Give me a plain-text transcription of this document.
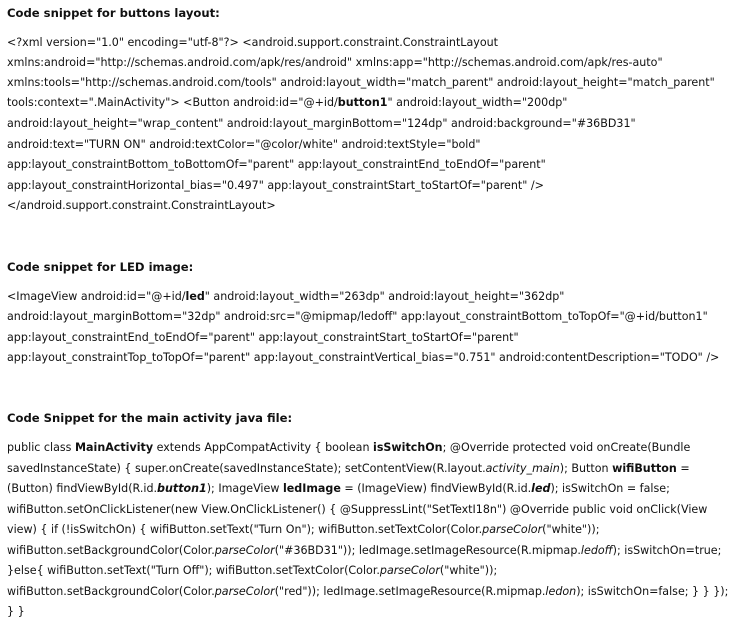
Code snippet for buttons layout:
<?xml version="1.0" encoding="utf-8"?> <android.support.constraint.ConstraintLayout
xmlns:android="http://schemas.android.com/apk/res/android" xmlns:app="http://schemas.android.com/apk/res-auto"
xmlns:tools="http://schemas.android.com/tools" android:layout_width="match_parent" android:layout_height="match_parent"
tools:context=".MainActivity"> <Button android:id="@+id/button1" android:layout_width="200dp"
android:layout_height="wrap_content" android:layout_marginBottom="124dp" android:background="#36BD31"
android:text="TURN ON" android:textColor="@color/white" android:textStyle="bold"
app:layout_constraintBottom_toBottomOf="parent" app:layout_constraintEnd_toEndOf="parent"
app:layout_constraintHorizontal_bias="0.497" app:layout_constraintStart_toStartOf="parent" />
</android.support.constraint.ConstraintLayout>
Code snippet for LED image:
<ImageView android:id="@+id/led" android:layout_width="263dp" android:layout_height="362dp"
android:layout_marginBottom="32dp" android:src="@mipmap/ledoff" app:layout_constraintBottom_toTopOf="@+id/button1"
app:layout_constraintEnd_toEndOf="parent" app:layout_constraintStart_toStartOf="parent"
app:layout_constraintTop_toTopOf="parent" app:layout_constraintVertical_bias="0.751" android:contentDescription="TODO" />
Code Snippet for the main activity java file:
public class MainActivity extends AppCompatActivity { boolean isSwitchOn; @Override protected void onCreate(Bundle
savedInstanceState) { super.onCreate(savedInstanceState); setContentView(R.layout.activity_main); Button wifiButton =
(Button) findViewById(R.id.button1); ImageView ledImage = (ImageView) findViewById(R.id.led); isSwitchOn = false;
wifiButton.setOnClickListener(new View.OnClickListener() { @SuppressLint("SetTextI18n") @Override public void onClick(View
view) { if (!isSwitchOn) { wifiButton.setText("Turn On"); wifiButton.setTextColor(Color.parseColor("white"));
wifiButton.setBackgroundColor(Color.parseColor("#36BD31")); ledImage.setImageResource(R.mipmap.ledoff); isSwitchOn=true;
}else{ wifiButton.setText("Turn Off"); wifiButton.setTextColor(Color.parseColor("white"));
wifiButton.setBackgroundColor(Color.parseColor("red")); ledImage.setImageResource(R.mipmap.ledon); isSwitchOn=false; } } });
} }
